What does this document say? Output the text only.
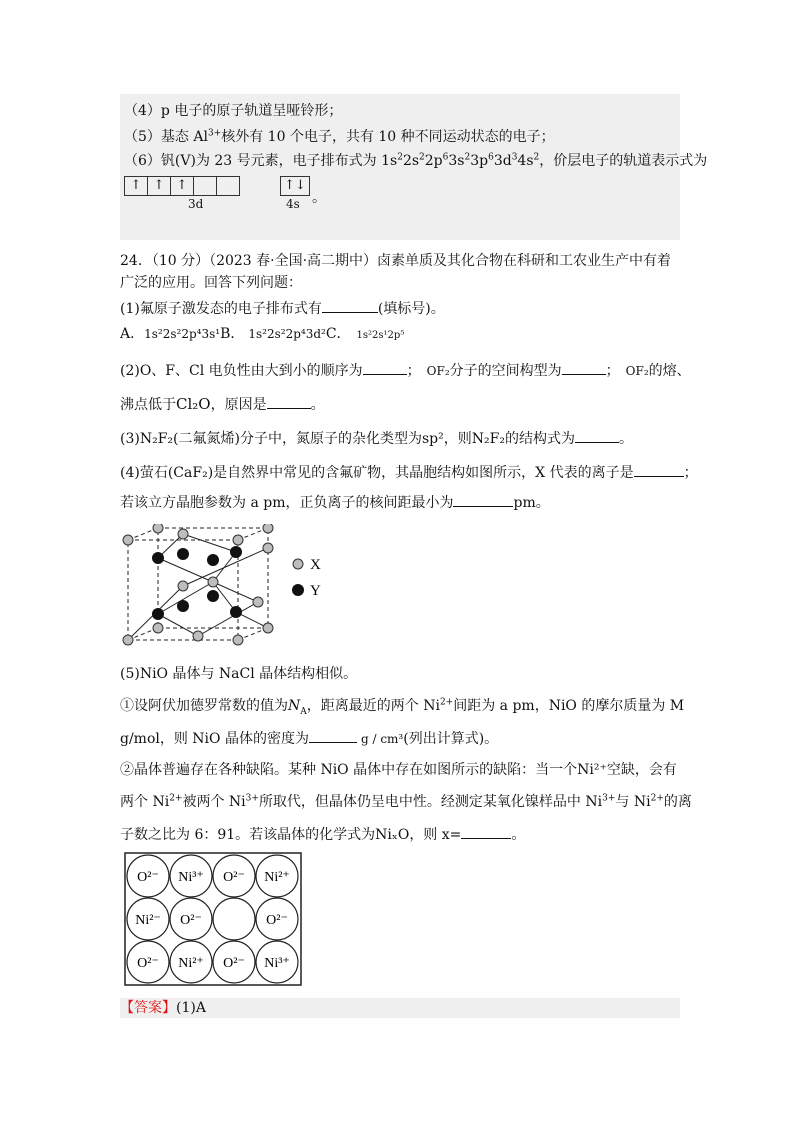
（4）p 电子的原子轨道呈哑铃形；
（5）基态 $Al^{3+}$核外有 10 个电子，共有 10 种不同运动状态的电子；
（6）钒(V)为 23 号元素，电子排布式为 $1s^22s^22p^63s^23p^63d^34s^2$，价层电子的轨道表示式为
↑ ↑ ↑	↑↓
3d	4s 。
24．（10 分）（2023 春·全国·高二期中）卤素单质及其化合物在科研和工农业生产中有着
广泛的应用。回答下列问题：
(1)氟原子激发态的电子排布式有	(填标号)。
A．1s²2s²2p⁴3s¹B． 1s²2s²2p⁴3d²C． 1s²2s¹2p⁵
(2)O、F、Cl 电负性由大到小的顺序为	； OF₂分子的空间构型为	； OF₂的熔、
沸点低于Cl₂O，原因是	。
(3)N₂F₂(二氟氮烯)分子中，氮原子的杂化类型为sp²，则N₂F₂的结构式为	。
(4)萤石(CaF₂)是自然界中常见的含氟矿物，其晶胞结构如图所示，X 代表的离子是	；
若该立方晶胞参数为 a pm，正负离子的核间距最小为	pm。
X
Y
(5)NiO 晶体与 NaCl 晶体结构相似。
①设阿伏加德罗常数的值为$N_A$，距离最近的两个 $Ni^{2+}$间距为 a pm，NiO 的摩尔质量为 M
g/mol，则 NiO 晶体的密度为	g / cm³(列出计算式)。
②晶体普遍存在各种缺陷。某种 NiO 晶体中存在如图所示的缺陷：当一个Ni²⁺空缺，会有
两个 $Ni^{2+}$被两个 $Ni^{3+}$所取代，但晶体仍呈电中性。经测定某氧化镍样品中 $Ni^{3+}$与 $Ni^{2+}$的离
子数之比为 6：91。若该晶体的化学式为NiₓO，则 x=	。
O²⁻ Ni³⁺ O²⁻ Ni²⁺
Ni²⁻ O²⁻	O²⁻
O²⁻ Ni²⁺ O²⁻ Ni³⁺
【答案】(1)A
